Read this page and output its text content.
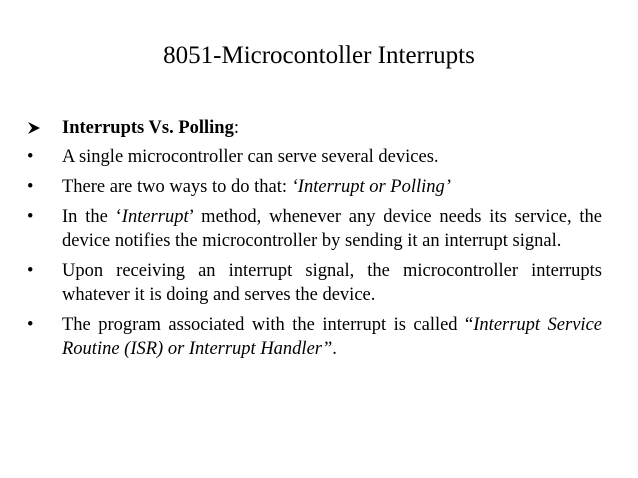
8051-Microcontoller Interrupts
Interrupts Vs. Polling:
•	A single microcontroller can serve several devices.
•	There are two ways to do that: ‘Interrupt or Polling’
•	In the ‘Interrupt’ method, whenever any device needs its service, the device notifies the microcontroller by sending it an interrupt signal.
•	Upon receiving an interrupt signal, the microcontroller interrupts whatever it is doing and serves the device.
•	The program associated with the interrupt is called “Interrupt Service Routine (ISR) or Interrupt Handler”.
